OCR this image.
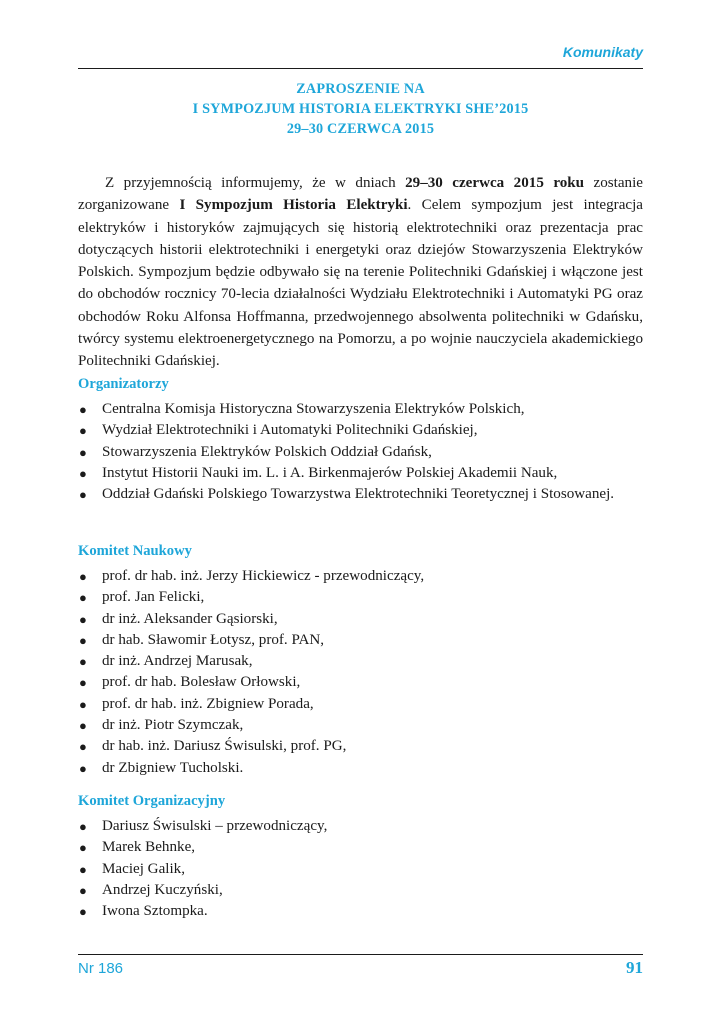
Komunikaty
ZAPROSZENIE NA
I SYMPOZJUM HISTORIA ELEKTRYKI SHE’2015
29–30 CZERWCA 2015

Z przyjemnością informujemy, że w dniach 29–30 czerwca 2015 roku zostanie zorganizowane I Sympozjum Historia Elektryki. Celem sympozjum jest integracja elektryków i historyków zajmujących się historią elektrotechniki oraz prezentacja prac dotyczących historii elektrotechniki i energetyki oraz dziejów Stowarzyszenia Elektryków Polskich. Sympozjum będzie odbywało się na terenie Politechniki Gdańskiej i włączone jest do obchodów rocznicy 70-lecia działalności Wydziału Elektrotechniki i Automatyki PG oraz obchodów Roku Alfonsa Hoffmanna, przedwojennego absolwenta politechniki w Gdańsku, twórcy systemu elektroenergetycznego na Pomorzu, a po wojnie nauczyciela akademickiego Politechniki Gdańskiej.

Organizatorzy
● Centralna Komisja Historyczna Stowarzyszenia Elektryków Polskich,
● Wydział Elektrotechniki i Automatyki Politechniki Gdańskiej,
● Stowarzyszenia Elektryków Polskich Oddział Gdańsk,
● Instytut Historii Nauki im. L. i A. Birkenmajerów Polskiej Akademii Nauk,
● Oddział Gdański Polskiego Towarzystwa Elektrotechniki Teoretycznej i Stosowanej.
Komitet Naukowy
● prof. dr hab. inż. Jerzy Hickiewicz - przewodniczący,
● prof. Jan Felicki,
● dr inż. Aleksander Gąsiorski,
● dr hab. Sławomir Łotysz, prof. PAN,
● dr inż. Andrzej Marusak,
● prof. dr hab. Bolesław Orłowski,
● prof. dr hab. inż. Zbigniew Porada,
● dr inż. Piotr Szymczak,
● dr hab. inż. Dariusz Świsulski, prof. PG,
● dr Zbigniew Tucholski.
Komitet Organizacyjny
● Dariusz Świsulski – przewodniczący,
● Marek Behnke,
● Maciej Galik,
● Andrzej Kuczyński,
● Iwona Sztompka.
Nr 186	91
